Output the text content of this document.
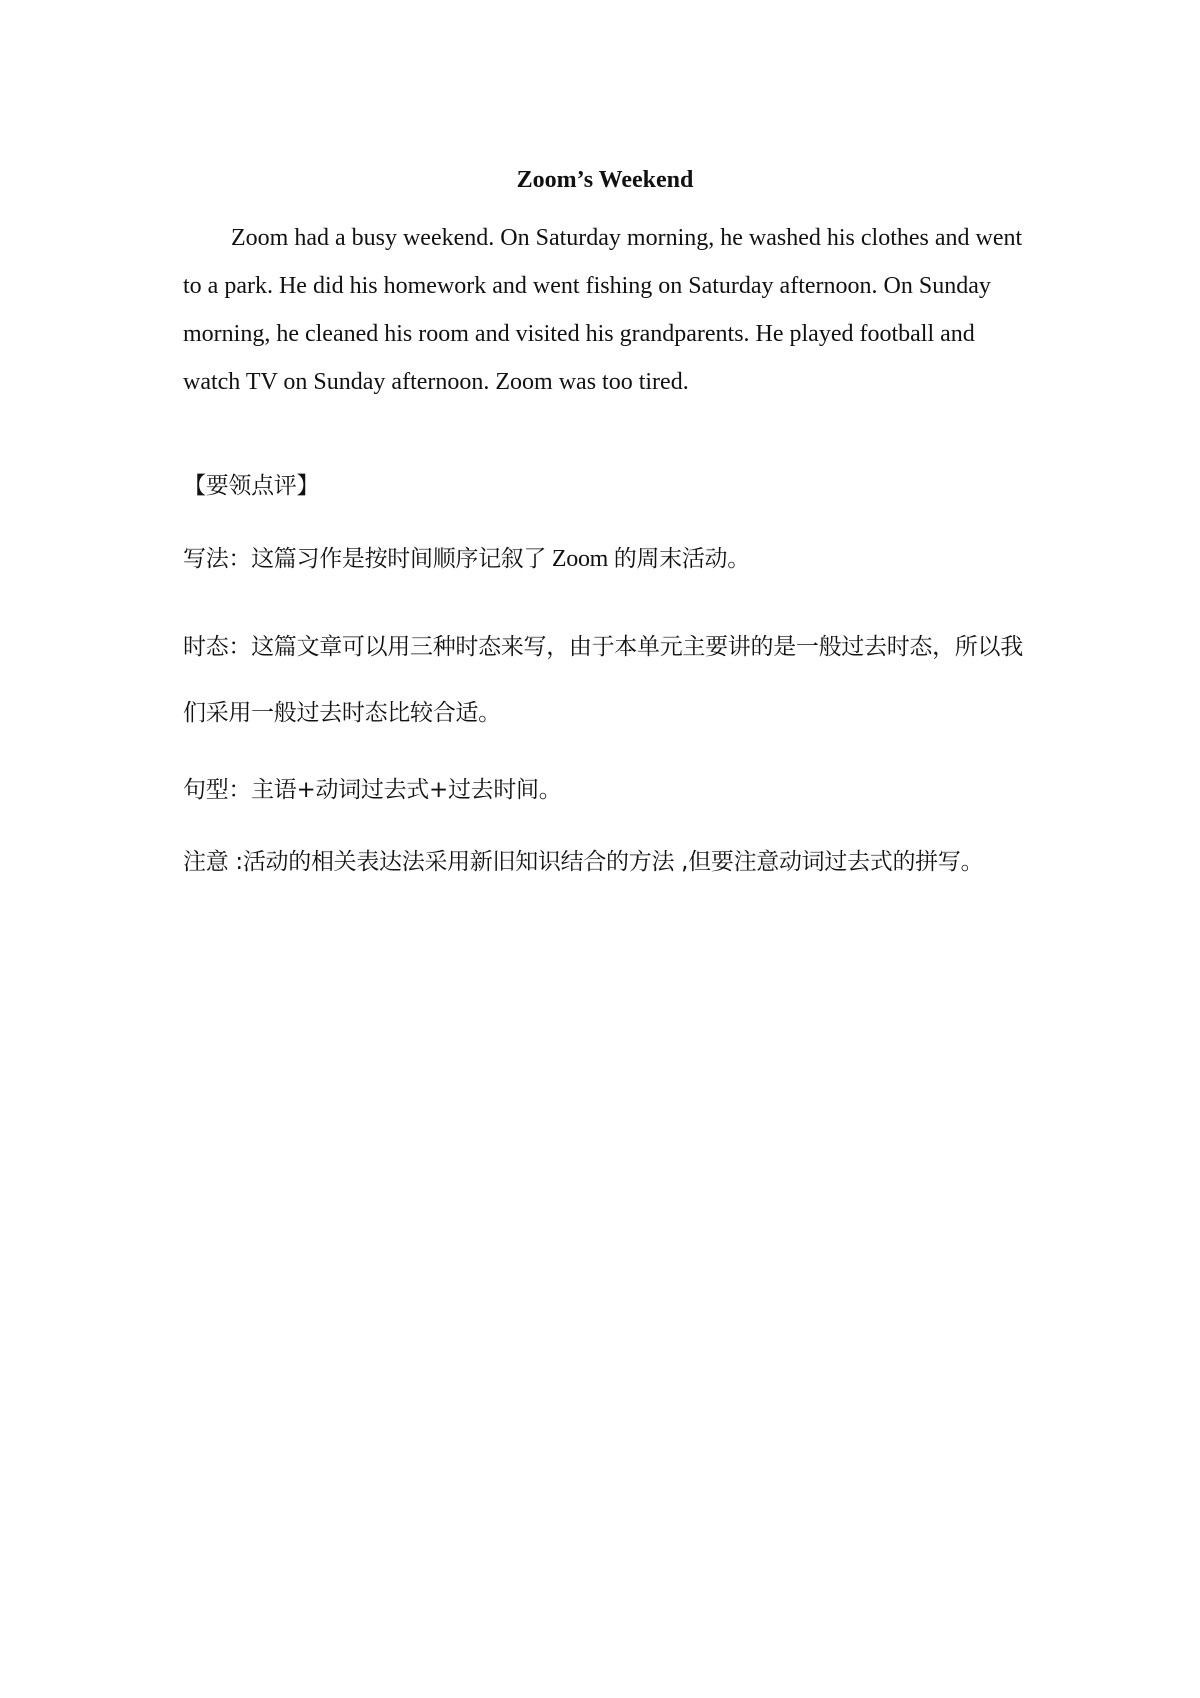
Zoom’s Weekend

Zoom had a busy weekend. On Saturday morning, he washed his clothes and went to a park. He did his homework and went fishing on Saturday afternoon. On Sunday morning, he cleaned his room and visited his grandparents. He played football and watch TV on Sunday afternoon. Zoom was too tired.

【要领点评】

写法：这篇习作是按时间顺序记叙了 Zoom 的周末活动。

时态：这篇文章可以用三种时态来写，由于本单元主要讲的是一般过去时态，所以我们采用一般过去时态比较合适。

句型：主语+动词过去式+过去时间。

注意 :活动的相关表达法采用新旧知识结合的方法 ,但要注意动词过去式的拼写。
